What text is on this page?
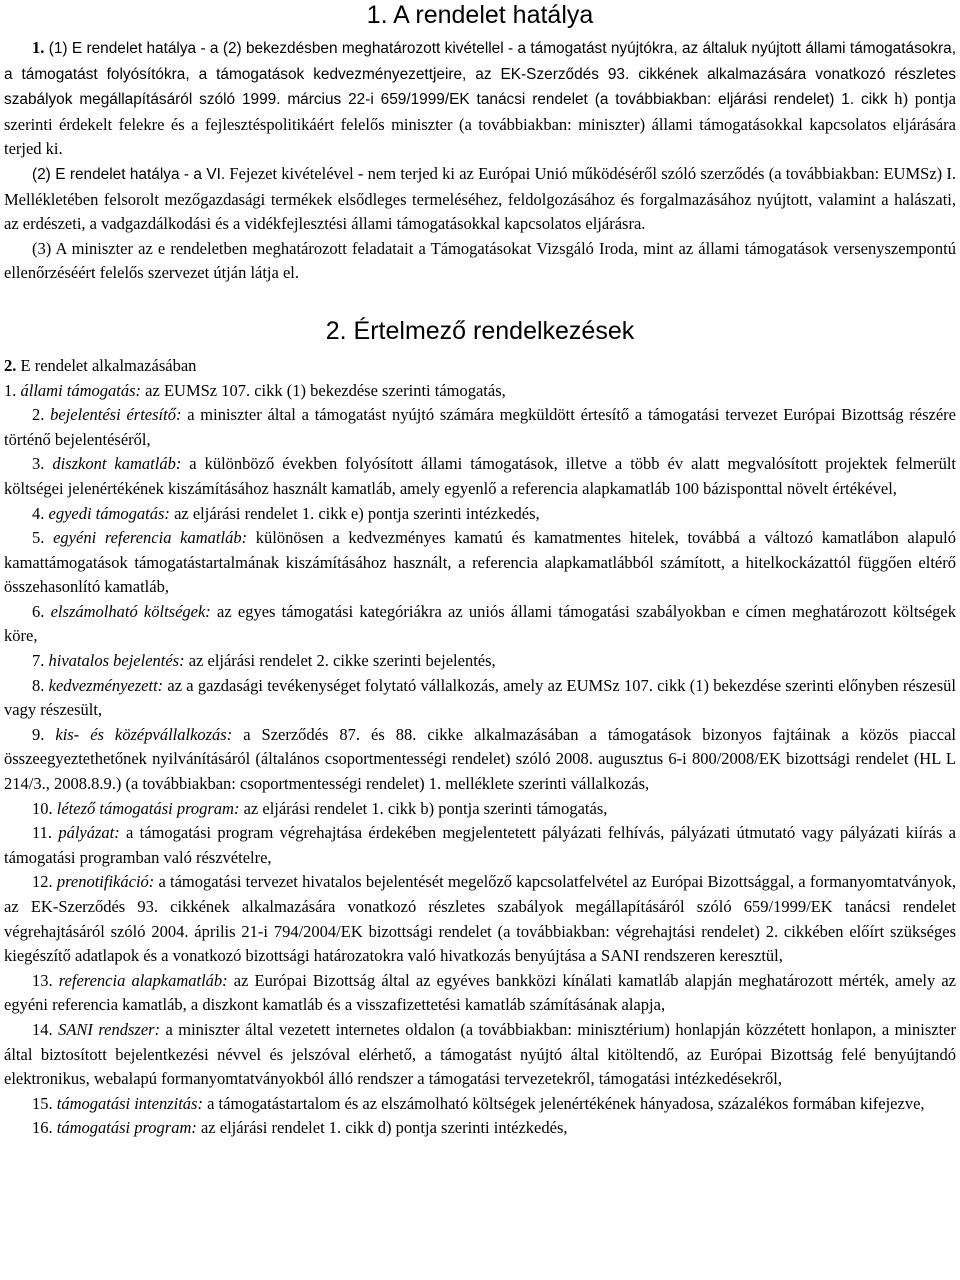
1. A rendelet hatálya

1. (1) E rendelet hatálya - a (2) bekezdésben meghatározott kivétellel - a támogatást nyújtókra, az általuk nyújtott állami támogatásokra, a támogatást folyósítókra, a támogatások kedvezményezettjeire, az EK-Szerződés 93. cikkének alkalmazására vonatkozó részletes szabályok megállapításáról szóló 1999. március 22-i 659/1999/EK tanácsi rendelet (a továbbiakban: eljárási rendelet) 1. cikk h) pontja szerinti érdekelt felekre és a fejlesztéspolitikáért felelős miniszter (a továbbiakban: miniszter) állami támogatásokkal kapcsolatos eljárására terjed ki.

(2) E rendelet hatálya - a VI. Fejezet kivételével - nem terjed ki az Európai Unió működéséről szóló szerződés (a továbbiakban: EUMSz) I. Mellékletében felsorolt mezőgazdasági termékek elsődleges termeléséhez, feldolgozásához és forgalmazásához nyújtott, valamint a halászati, az erdészeti, a vadgazdálkodási és a vidékfejlesztési állami támogatásokkal kapcsolatos eljárásra.

(3) A miniszter az e rendeletben meghatározott feladatait a Támogatásokat Vizsgáló Iroda, mint az állami támogatások versenyszempontú ellenőrzéséért felelős szervezet útján látja el.

2. Értelmező rendelkezések

2. E rendelet alkalmazásában

1. állami támogatás: az EUMSz 107. cikk (1) bekezdése szerinti támogatás,

2. bejelentési értesítő: a miniszter által a támogatást nyújtó számára megküldött értesítő a támogatási tervezet Európai Bizottság részére történő bejelentéséről,

3. diszkont kamatláb: a különböző években folyósított állami támogatások, illetve a több év alatt megvalósított projektek felmerült költségei jelenértékének kiszámításához használt kamatláb, amely egyenlő a referencia alapkamatláb 100 bázisponttal növelt értékével,

4. egyedi támogatás: az eljárási rendelet 1. cikk e) pontja szerinti intézkedés,

5. egyéni referencia kamatláb: különösen a kedvezményes kamatú és kamatmentes hitelek, továbbá a változó kamatlábon alapuló kamattámogatások támogatástartalmának kiszámításához használt, a referencia alapkamatlábból számított, a hitelkockázattól függően eltérő összehasonlító kamatláb,

6. elszámolható költségek: az egyes támogatási kategóriákra az uniós állami támogatási szabályokban e címen meghatározott költségek köre,

7. hivatalos bejelentés: az eljárási rendelet 2. cikke szerinti bejelentés,

8. kedvezményezett: az a gazdasági tevékenységet folytató vállalkozás, amely az EUMSz 107. cikk (1) bekezdése szerinti előnyben részesül vagy részesült,

9. kis- és középvállalkozás: a Szerződés 87. és 88. cikke alkalmazásában a támogatások bizonyos fajtáinak a közös piaccal összeegyeztethetőnek nyilvánításáról (általános csoportmentességi rendelet) szóló 2008. augusztus 6-i 800/2008/EK bizottsági rendelet (HL L 214/3., 2008.8.9.) (a továbbiakban: csoportmentességi rendelet) 1. melléklete szerinti vállalkozás,

10. létező támogatási program: az eljárási rendelet 1. cikk b) pontja szerinti támogatás,

11. pályázat: a támogatási program végrehajtása érdekében megjelentetett pályázati felhívás, pályázati útmutató vagy pályázati kiírás a támogatási programban való részvételre,

12. prenotifikáció: a támogatási tervezet hivatalos bejelentését megelőző kapcsolatfelvétel az Európai Bizottsággal, a formanyomtatványok, az EK-Szerződés 93. cikkének alkalmazására vonatkozó részletes szabályok megállapításáról szóló 659/1999/EK tanácsi rendelet végrehajtásáról szóló 2004. április 21-i 794/2004/EK bizottsági rendelet (a továbbiakban: végrehajtási rendelet) 2. cikkében előírt szükséges kiegészítő adatlapok és a vonatkozó bizottsági határozatokra való hivatkozás benyújtása a SANI rendszeren keresztül,

13. referencia alapkamatláb: az Európai Bizottság által az egyéves bankközi kínálati kamatláb alapján meghatározott mérték, amely az egyéni referencia kamatláb, a diszkont kamatláb és a visszafizettetési kamatláb számításának alapja,

14. SANI rendszer: a miniszter által vezetett internetes oldalon (a továbbiakban: minisztérium) honlapján közzétett honlapon, a miniszter által biztosított bejelentkezési névvel és jelszóval elérhető, a támogatást nyújtó által kitöltendő, az Európai Bizottság felé benyújtandó elektronikus, webalapú formanyomtatványokból álló rendszer a támogatási tervezetekről, támogatási intézkedésekről,

15. támogatási intenzitás: a támogatástartalom és az elszámolható költségek jelenértékének hányadosa, százalékos formában kifejezve,

16. támogatási program: az eljárási rendelet 1. cikk d) pontja szerinti intézkedés,
